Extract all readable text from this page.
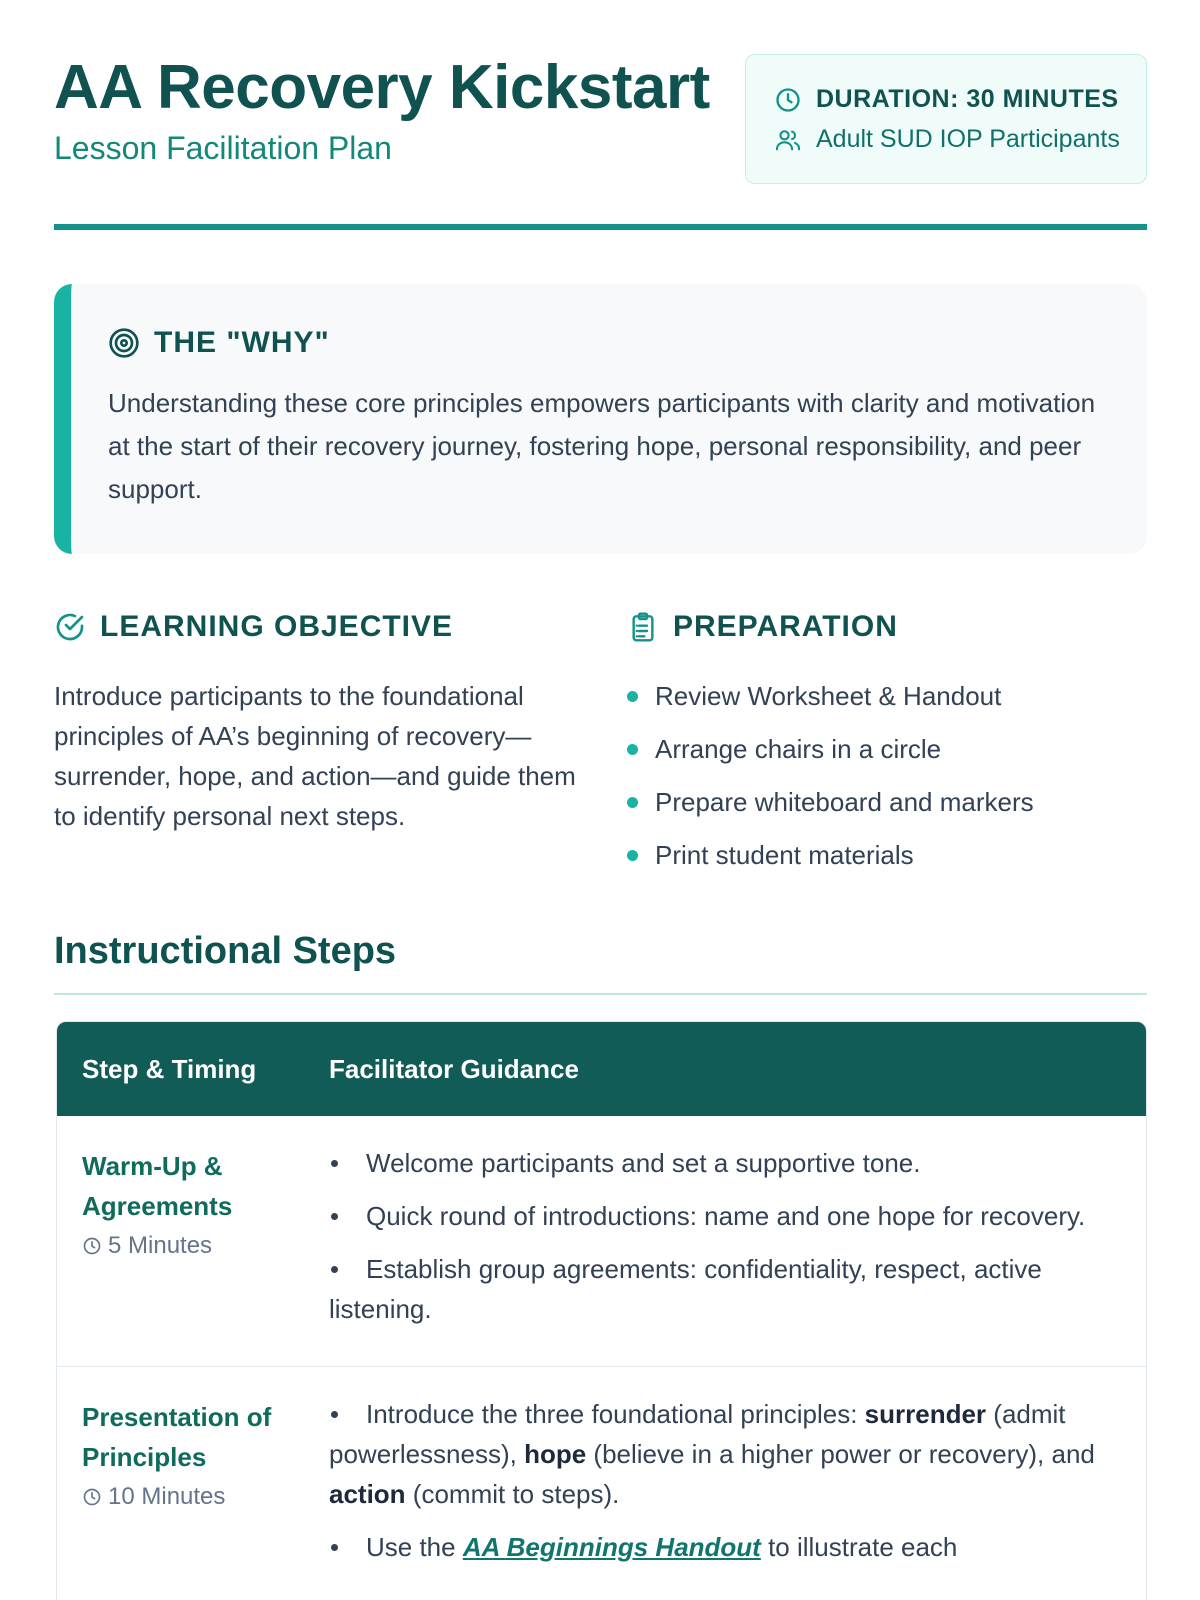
AA Recovery Kickstart
Lesson Facilitation Plan
DURATION: 30 MINUTES
Adult SUD IOP Participants
THE "WHY"

Understanding these core principles empowers participants with clarity and motivation at the start of their recovery journey, fostering hope, personal responsibility, and peer support.

LEARNING OBJECTIVE

Introduce participants to the foundational principles of AA’s beginning of recovery—surrender, hope, and action—and guide them to identify personal next steps.

PREPARATION
Review Worksheet & Handout
Arrange chairs in a circle
Prepare whiteboard and markers
Print student materials
Instructional Steps
Step & Timing	Facilitator Guidance
Warm-Up & Agreements
5 Minutes
Welcome participants and set a supportive tone.
Quick round of introductions: name and one hope for recovery.
Establish group agreements: confidentiality, respect, active listening.
Presentation of Principles
10 Minutes
Introduce the three foundational principles: surrender (admit powerlessness), hope (believe in a higher power or recovery), and action (commit to steps).
Use the AA Beginnings Handout to illustrate each
